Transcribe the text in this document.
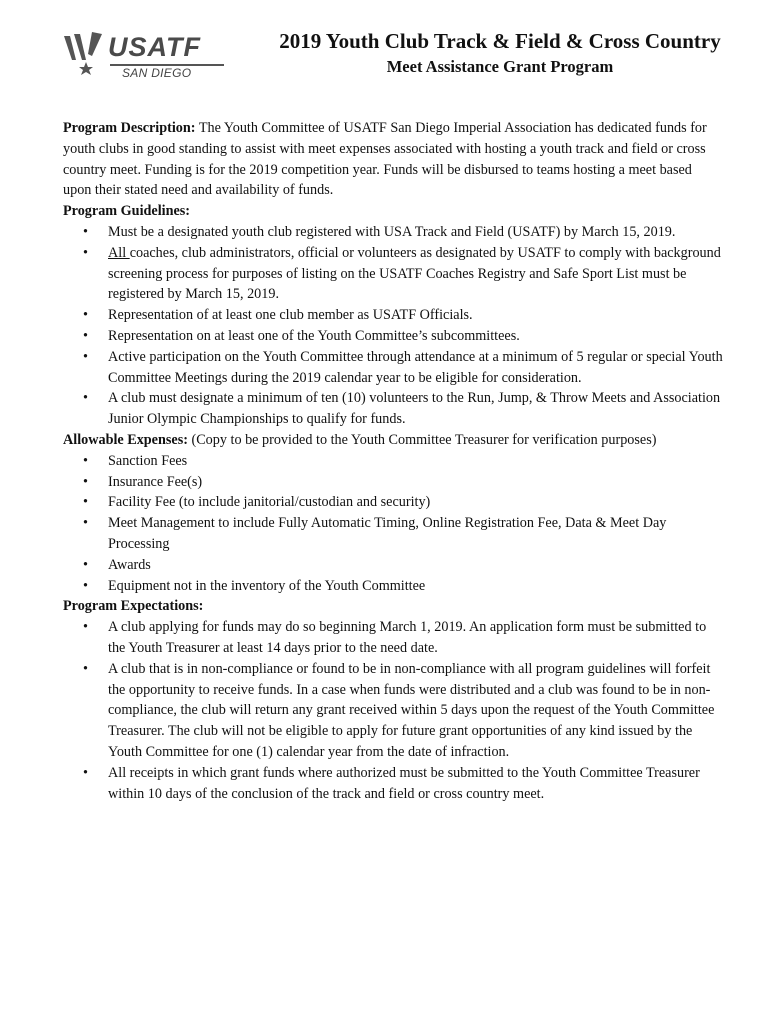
USATF
SAN DIEGO
2019 Youth Club Track & Field & Cross Country
Meet Assistance Grant Program

Program Description: The Youth Committee of USATF San Diego Imperial Association has dedicated funds for youth clubs in good standing to assist with meet expenses associated with hosting a youth track and field or cross country meet. Funding is for the 2019 competition year. Funds will be disbursed to teams hosting a meet based upon their stated need and availability of funds.

Program Guidelines:

• Must be a designated youth club registered with USA Track and Field (USATF) by March 15, 2019.
• All coaches, club administrators, official or volunteers as designated by USATF to comply with background screening process for purposes of listing on the USATF Coaches Registry and Safe Sport List must be registered by March 15, 2019.
• Representation of at least one club member as USATF Officials.
• Representation on at least one of the Youth Committee’s subcommittees.
• Active participation on the Youth Committee through attendance at a minimum of 5 regular or special Youth Committee Meetings during the 2019 calendar year to be eligible for consideration.
• A club must designate a minimum of ten (10) volunteers to the Run, Jump, & Throw Meets and Association Junior Olympic Championships to qualify for funds.

Allowable Expenses: (Copy to be provided to the Youth Committee Treasurer for verification purposes)

• Sanction Fees
• Insurance Fee(s)
• Facility Fee (to include janitorial/custodian and security)
• Meet Management to include Fully Automatic Timing, Online Registration Fee, Data & Meet Day Processing
• Awards
• Equipment not in the inventory of the Youth Committee

Program Expectations:

• A club applying for funds may do so beginning March 1, 2019. An application form must be submitted to the Youth Treasurer at least 14 days prior to the need date.
• A club that is in non-compliance or found to be in non-compliance with all program guidelines will forfeit the opportunity to receive funds. In a case when funds were distributed and a club was found to be in non-compliance, the club will return any grant received within 5 days upon the request of the Youth Committee Treasurer. The club will not be eligible to apply for future grant opportunities of any kind issued by the Youth Committee for one (1) calendar year from the date of infraction.
• All receipts in which grant funds where authorized must be submitted to the Youth Committee Treasurer within 10 days of the conclusion of the track and field or cross country meet.
